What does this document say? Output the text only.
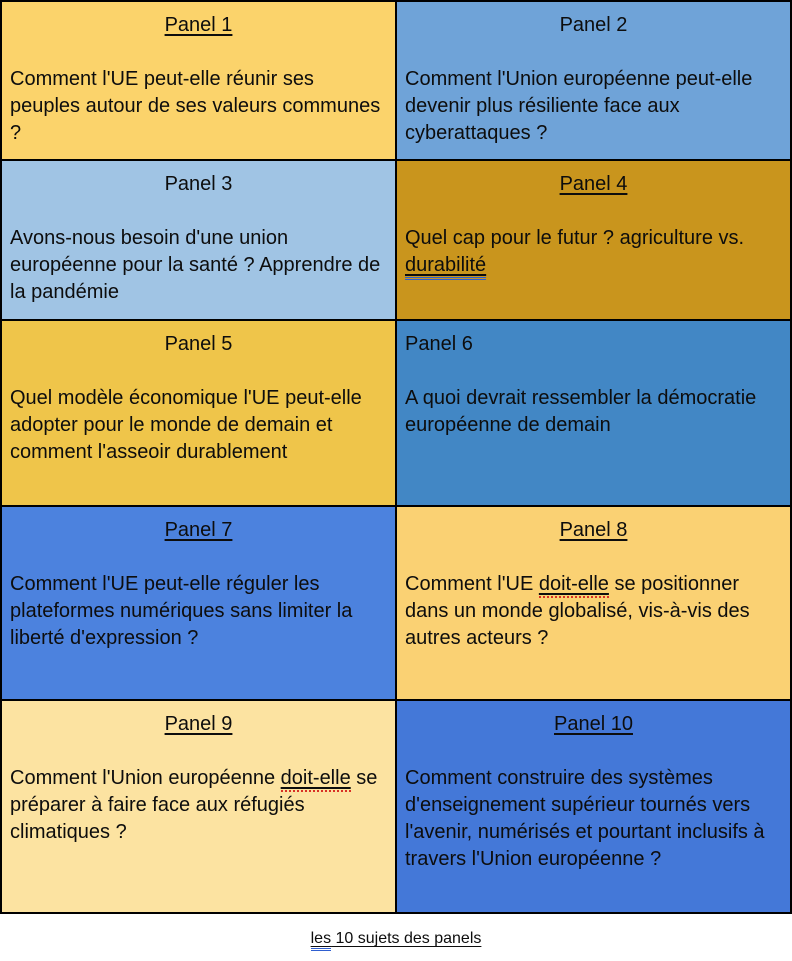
Panel 1
Comment l'UE peut-elle réunir ses peuples autour de ses valeurs communes ?
Panel 2
Comment l'Union européenne peut-elle devenir plus résiliente face aux cyberattaques ?
Panel 3
Avons-nous besoin d'une union européenne pour la santé ? Apprendre de la pandémie
Panel 4
Quel cap pour le futur ? agriculture vs. durabilité
Panel 5
Quel modèle économique l'UE peut-elle adopter pour le monde de demain et comment l'asseoir durablement
Panel 6
A quoi devrait ressembler la démocratie européenne de demain
Panel 7
Comment l'UE peut-elle réguler les plateformes numériques sans limiter la liberté d'expression ?
Panel 8
Comment l'UE doit-elle se positionner dans un monde globalisé, vis-à-vis des autres acteurs ?
Panel 9
Comment l'Union européenne doit-elle se préparer à faire face aux réfugiés climatiques ?
Panel 10
Comment construire des systèmes d'enseignement supérieur tournés vers l'avenir, numérisés et pourtant inclusifs à travers l'Union européenne ?
les 10 sujets des panels
